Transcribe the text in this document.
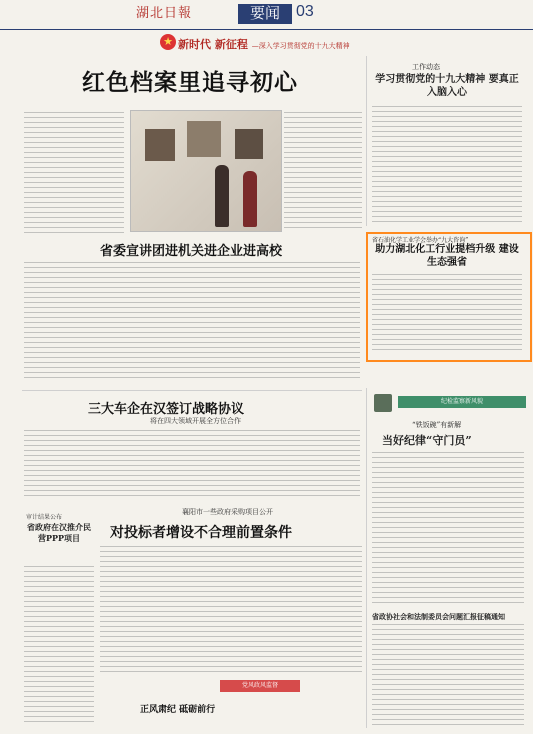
湖北日報	要闻	03
★ 新时代 新征程 —深入学习贯彻党的十九大精神
红色档案里追寻初心
工作动态
学习贯彻党的十九大精神 要真正入脑入心
省石油化学工业学会举办“九大咨询”
助力湖北化工行业提档升级 建设生态强省
省委宣讲团进机关进企业进高校
三大车企在汉签订战略协议
将在四大领域开展全方位合作
审计结果公布
省政府在汉推介民营PPP项目
襄阳市一些政府采购项目公开
对投标者增设不合理前置条件
党风政风监督
正风肃纪 砥砺前行
纪检监察新风貌
“铁饭碗”有新解
当好纪律“守门员”
省政协社会和法制委员会问题汇报征稿通知
